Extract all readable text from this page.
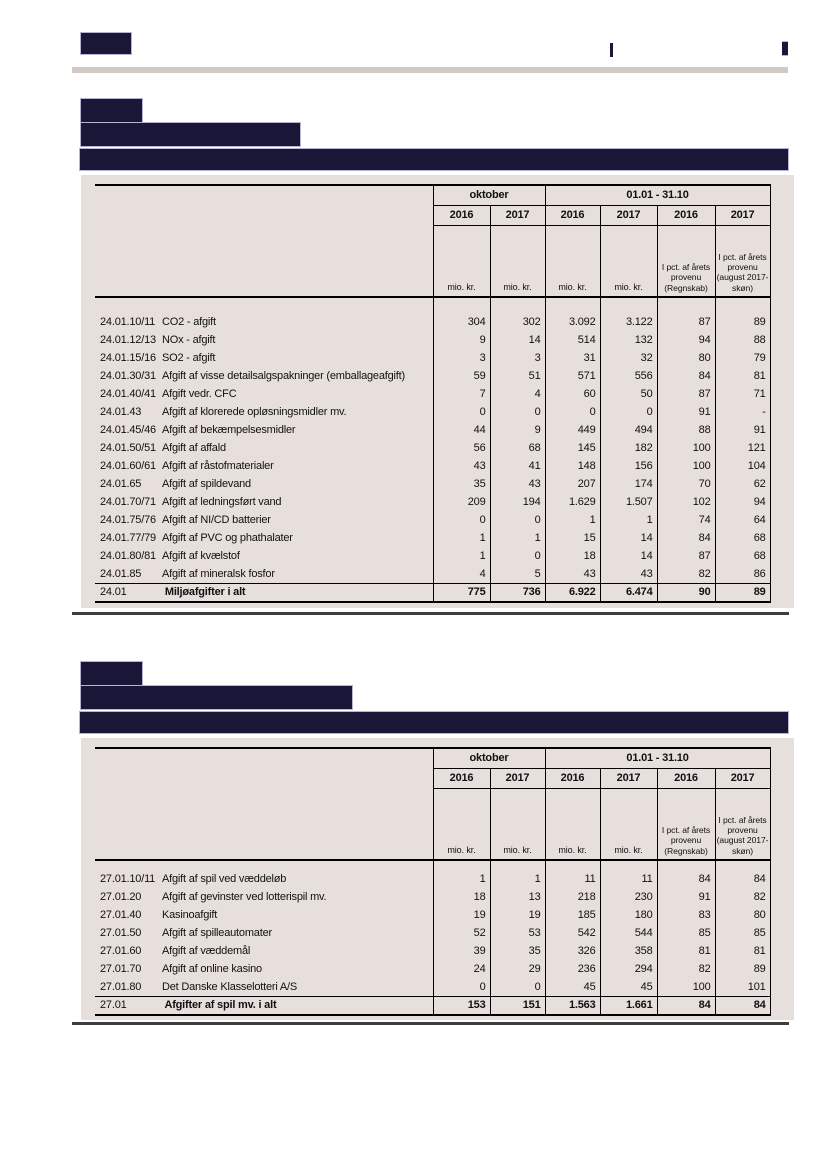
	oktober		01.01 - 31.10			
	2016	2017	2016	2017	2016	2017
	mio. kr.	mio. kr.	mio. kr.	mio. kr.	I pct. af årets provenu (Regnskab)	I pct. af årets provenu (august 2017-skøn)

24.01.10/11 CO2 - afgift	304	302	3.092	3.122	87	89
24.01.12/13 NOx - afgift	9	14	514	132	94	88
24.01.15/16 SO2 - afgift	3	3	31	32	80	79
24.01.30/31 Afgift af visse detailsalgspakninger (emballageafgift)	59	51	571	556	84	81
24.01.40/41 Afgift vedr. CFC	7	4	60	50	87	71
24.01.43 Afgift af klorerede opløsningsmidler mv.	0	0	0	0	91	-
24.01.45/46 Afgift af bekæmpelsesmidler	44	9	449	494	88	91
24.01.50/51 Afgift af affald	56	68	145	182	100	121
24.01.60/61 Afgift af råstofmaterialer	43	41	148	156	100	104
24.01.65 Afgift af spildevand	35	43	207	174	70	62
24.01.70/71 Afgift af ledningsført vand	209	194	1.629	1.507	102	94
24.01.75/76 Afgift af NI/CD batterier	0	0	1	1	74	64
24.01.77/79 Afgift af PVC og phathalater	1	1	15	14	84	68
24.01.80/81 Afgift af kvælstof	1	0	18	14	87	68
24.01.85 Afgift af mineralsk fosfor	4	5	43	43	82	86
24.01 Miljøafgifter i alt	775	736	6.922	6.474	90	89
	oktober		01.01 - 31.10			
	2016	2017	2016	2017	2016	2017
	mio. kr.	mio. kr.	mio. kr.	mio. kr.	I pct. af årets provenu (Regnskab)	I pct. af årets provenu (august 2017-skøn)

27.01.10/11 Afgift af spil ved væddeløb	1	1	11	11	84	84
27.01.20 Afgift af gevinster ved lotterispil mv.	18	13	218	230	91	82
27.01.40 Kasinoafgift	19	19	185	180	83	80
27.01.50 Afgift af spilleautomater	52	53	542	544	85	85
27.01.60 Afgift af væddemål	39	35	326	358	81	81
27.01.70 Afgift af online kasino	24	29	236	294	82	89
27.01.80 Det Danske Klasselotteri A/S	0	0	45	45	100	101
27.01 Afgifter af spil mv. i alt	153	151	1.563	1.661	84	84
